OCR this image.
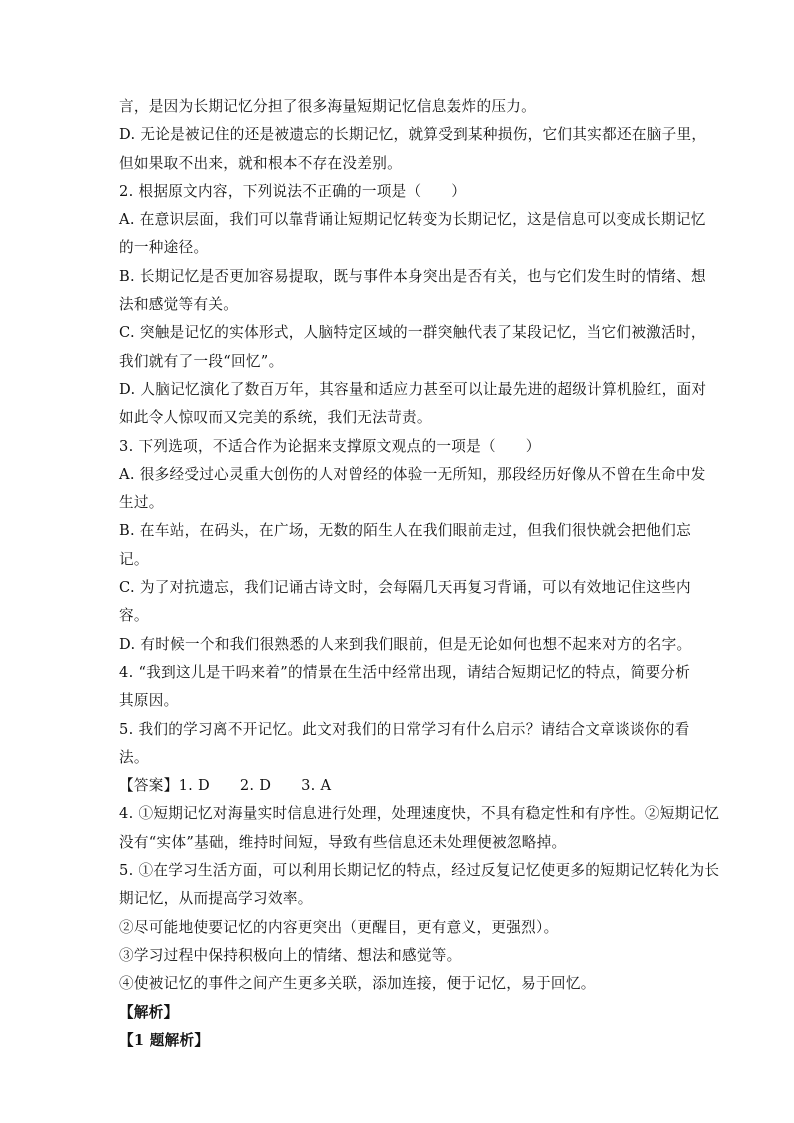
言，是因为长期记忆分担了很多海量短期记忆信息轰炸的压力。
D. 无论是被记住的还是被遗忘的长期记忆，就算受到某种损伤，它们其实都还在脑子里，
但如果取不出来，就和根本不存在没差别。
2. 根据原文内容，下列说法不正确的一项是（　　）
A. 在意识层面，我们可以靠背诵让短期记忆转变为长期记忆，这是信息可以变成长期记忆
的一种途径。
B. 长期记忆是否更加容易提取，既与事件本身突出是否有关，也与它们发生时的情绪、想
法和感觉等有关。
C. 突触是记忆的实体形式，人脑特定区域的一群突触代表了某段记忆，当它们被激活时，
我们就有了一段“回忆”。
D. 人脑记忆演化了数百万年，其容量和适应力甚至可以让最先进的超级计算机脸红，面对
如此令人惊叹而又完美的系统，我们无法苛责。
3. 下列选项，不适合作为论据来支撑原文观点的一项是（　　）
A. 很多经受过心灵重大创伤的人对曾经的体验一无所知，那段经历好像从不曾在生命中发
生过。
B. 在车站，在码头，在广场，无数的陌生人在我们眼前走过，但我们很快就会把他们忘
记。
C. 为了对抗遗忘，我们记诵古诗文时，会每隔几天再复习背诵，可以有效地记住这些内
容。
D. 有时候一个和我们很熟悉的人来到我们眼前，但是无论如何也想不起来对方的名字。
4. “我到这儿是干吗来着”的情景在生活中经常出现，请结合短期记忆的特点，简要分析
其原因。
5. 我们的学习离不开记忆。此文对我们的日常学习有什么启示？请结合文章谈谈你的看
法。
【答案】1. D　　2. D　　3. A
4. ①短期记忆对海量实时信息进行处理，处理速度快，不具有稳定性和有序性。②短期记忆
没有“实体”基础，维持时间短，导致有些信息还未处理便被忽略掉。
5. ①在学习生活方面，可以利用长期记忆的特点，经过反复记忆使更多的短期记忆转化为长
期记忆，从而提高学习效率。
②尽可能地使要记忆的内容更突出（更醒目，更有意义，更强烈）。
③学习过程中保持积极向上的情绪、想法和感觉等。
④使被记忆的事件之间产生更多关联，添加连接，便于记忆，易于回忆。
【解析】
【1 题解析】
